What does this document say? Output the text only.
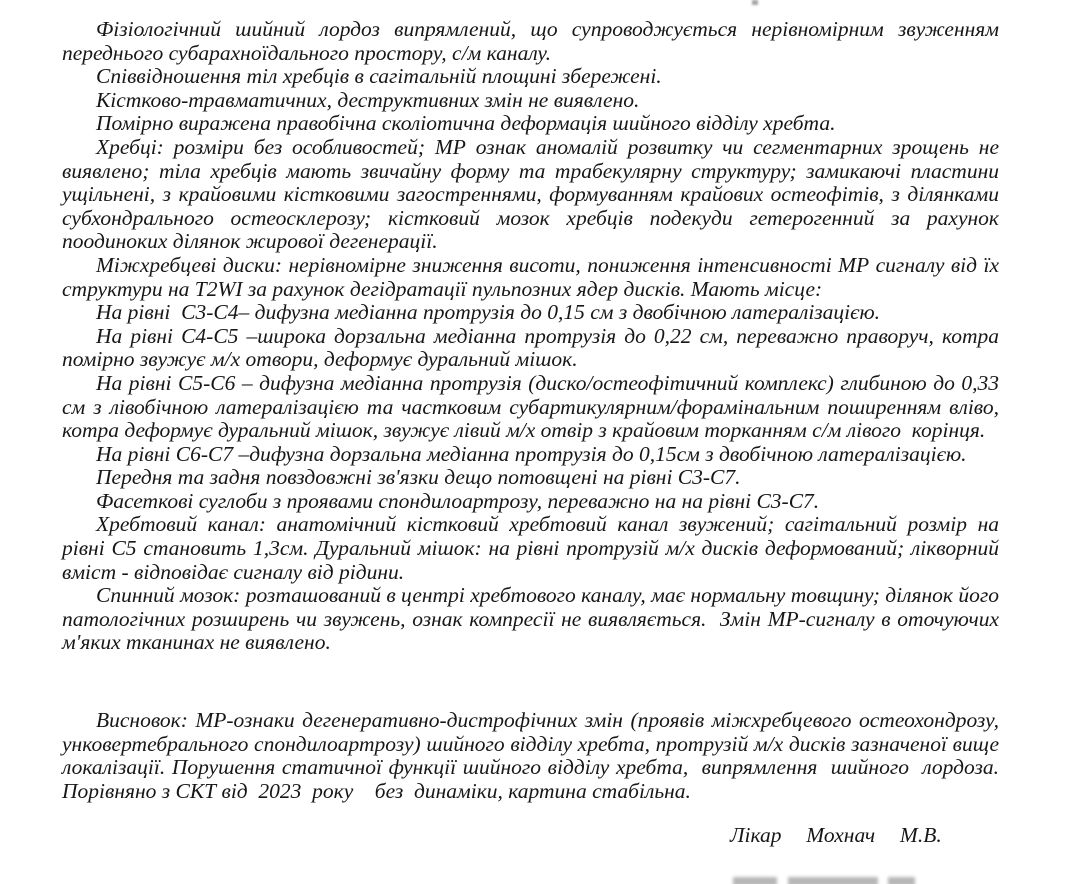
Фізіологічний шийний лордоз випрямлений, що супроводжується нерівномірним звуженням переднього субарахноїдального простору, с/м каналу.

Співвідношення тіл хребців в сагітальній площині збережені.

Кістково-травматичних, деструктивних змін не виявлено.

Помірно виражена правобічна сколіотична деформація шийного відділу хребта.

Хребці: розміри без особливостей; МР ознак аномалій розвитку чи сегментарних зрощень не виявлено; тіла хребців мають звичайну форму та трабекулярну структуру; замикаючі пластини ущільнені, з крайовими кістковими загостреннями, формуванням крайових остеофітів, з ділянками субхондрального остеосклерозу; кістковий мозок хребців подекуди гетерогенний за рахунок поодиноких ділянок жирової дегенерації.

Міжхребцеві диски: нерівномірне зниження висоти, пониження інтенсивності МР сигналу від їх структури на T2WI за рахунок дегідратації пульпозних ядер дисків. Мають місце:

На рівні  С3-С4– дифузна медіанна протрузія до 0,15 см з двобічною латералізацією.

На рівні С4-С5 –широка дорзальна медіанна протрузія до 0,22 см, переважно праворуч, котра помірно звужує м/х отвори, деформує дуральний мішок.

На рівні С5-С6 – дифузна медіанна протрузія (диско/остеофітичний комплекс) глибиною до 0,33 см з лівобічною латералізацією та частковим субартикулярним/форамінальним поширенням вліво, котра деформує дуральний мішок, звужує лівий м/х отвір з крайовим торканням с/м лівого  корінця.

На рівні С6-С7 –дифузна дорзальна медіанна протрузія до 0,15см з двобічною латералізацією.

Передня та задня повздовжні зв'язки дещо потовщені на рівні С3-С7.

Фасеткові суглоби з проявами спондилоартрозу, переважно на на рівні С3-С7.

Хребтовий канал: анатомічний кістковий хребтовий канал звужений; сагітальний розмір на рівні С5 становить 1,3см. Дуральний мішок: на рівні протрузій м/х дисків деформований; лікворний вміст - відповідає сигналу від рідини.

Спинний мозок: розташований в центрі хребтового каналу, має нормальну товщину; ділянок його патологічних розширень чи звужень, ознак компресії не виявляється.  Змін МР-сигналу в оточуючих м'яких тканинах не виявлено.

Висновок: МР-ознаки дегенеративно-дистрофічних змін (проявів міжхребцевого остеохондрозу, унковертебрального спондилоартрозу) шийного відділу хребта, протрузій м/х дисків зазначеної вище локалізації. Порушення статичної функції шийного відділу хребта,  випрямлення  шийного  лордоза. Порівняно з СКТ від  2023  року    без  динаміки, картина стабільна.

Лікар  Мохнач  М.В.
